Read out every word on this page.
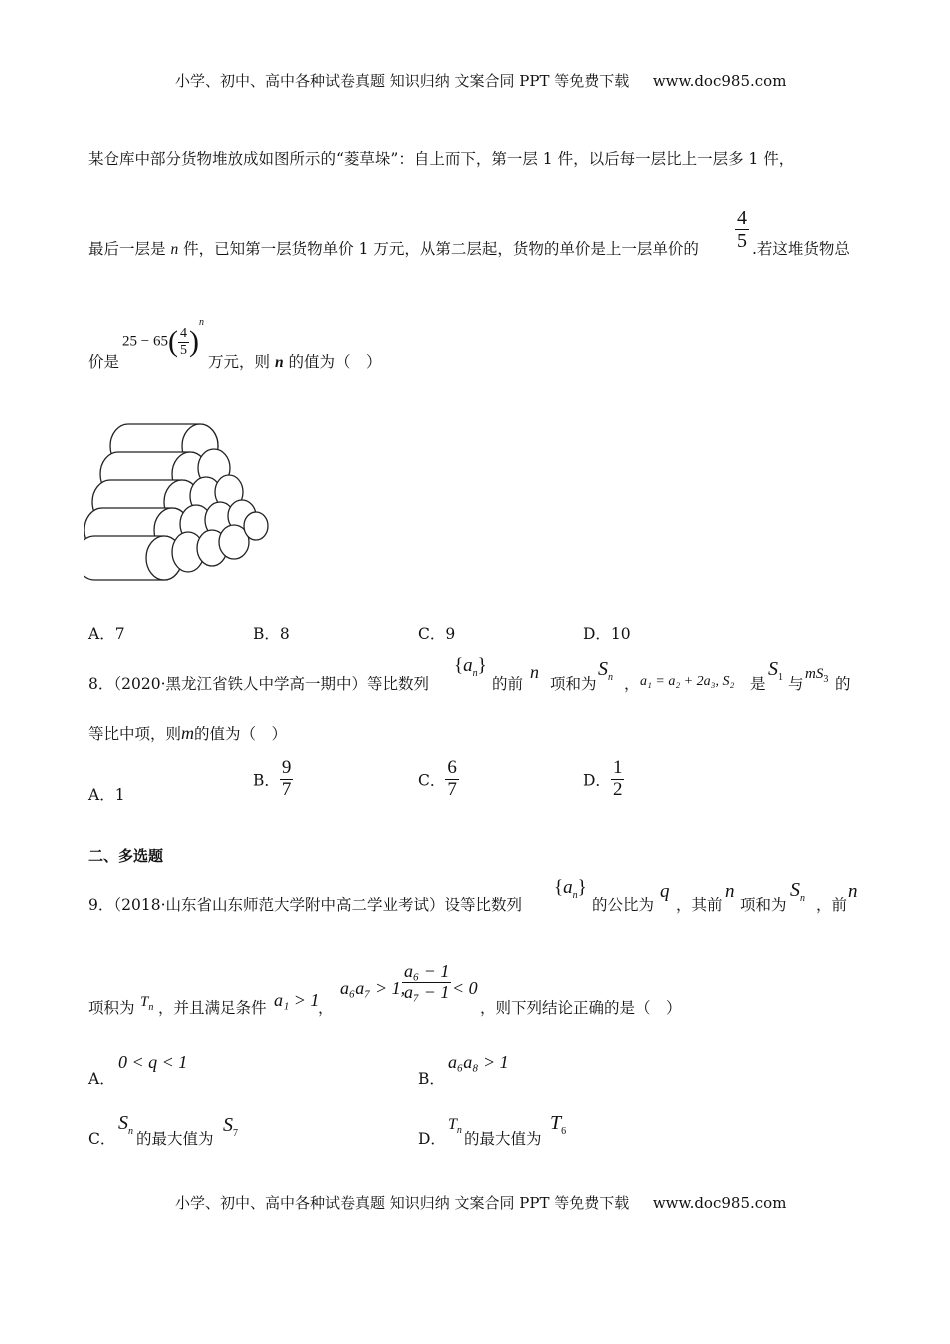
小学、初中、高中各种试卷真题 知识归纳 文案合同 PPT 等免费下载 www.doc985.com
某仓库中部分货物堆放成如图所示的“菱草垛”：自上而下，第一层 1 件，以后每一层比上一层多 1 件，
最后一层是 n 件，已知第一层货物单价 1 万元，从第二层起，货物的单价是上一层单价的 $\frac{4}{5}$ .若这堆货物总
价是
$25 - 65( \frac{4}{5} )^n$
万元，则 n 的值为（　）
A．7	B．8	C．9	D．10
8．（2020·黑龙江省铁人中学高一期中）等比数列
$\{a_n\}$
的前
n
项和为
$S_n$ ， a₁ = a₂ + 2a₃, S₂ 是
$S_1$ 与
$mS_3$ 的
等比中项，则m的值为（　）
A．1
B． $\frac{9}{7}$	C． $\frac{6}{7}$	D． $\frac{1}{2}$
二、多选题
9．（2018·山东省山东师范大学附中高二学业考试）设等比数列
$\{a_n\}$
的公比为
q
，其前
n
项和为
$S_n$ ，前
n
项积为 $T_n$ ，并且满足条件 a₁ > 1
，
a₆a₇ > 1,
$\frac{\text{a₆ − 1}}{\text{a₇ − 1}} < 0$
，则下列结论正确的是（　）
A．
0 < q < 1
B．
a₆a₈ > 1
C．
$S_n$ 的最大值为
$S_7$	D．
$T_n$ 的最大值为
$T_6$
小学、初中、高中各种试卷真题 知识归纳 文案合同 PPT 等免费下载 www.doc985.com
